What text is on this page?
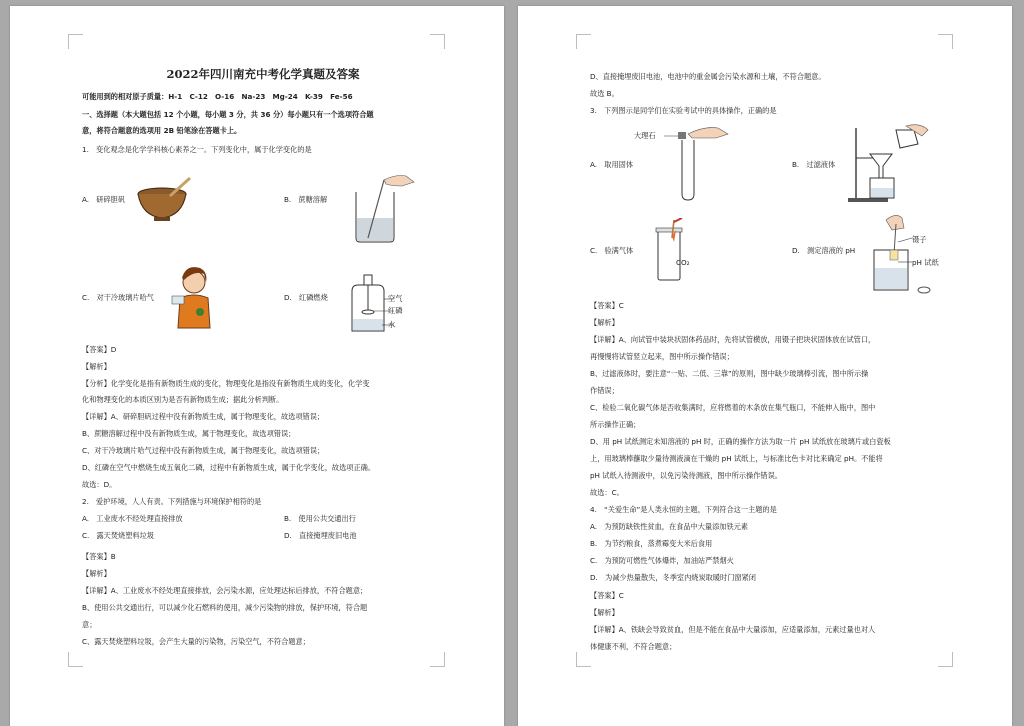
2022年四川南充中考化学真题及答案
可能用到的相对原子质量：H-1　C-12　O-16　Na-23　Mg-24　K-39　Fe-56
一、选择题（本大题包括 12 个小题，每小题 3 分，共 36 分）每小题只有一个选项符合题
意，将符合题意的选项用 2B 铅笔涂在答题卡上。
1.　变化观念是化学学科核心素养之一。下列变化中，属于化学变化的是
A.　研碎胆矾	B.　蔗糖溶解
C.　对干冷玻璃片哈气	D.　红磷燃烧	空气
红磷
水
【答案】D
【解析】
【分析】化学变化是指有新物质生成的变化，物理变化是指没有新物质生成的变化，化学变
化和物理变化的本质区别为是否有新物质生成；据此分析判断。
【详解】A、研碎胆矾过程中没有新物质生成，属于物理变化，故选项错误；
B、蔗糖溶解过程中没有新物质生成，属于物理变化，故选项错误；
C、对干冷玻璃片哈气过程中没有新物质生成，属于物理变化，故选项错误；
D、红磷在空气中燃烧生成五氧化二磷，过程中有新物质生成，属于化学变化，故选项正确。
故选：D。
2.　爱护环境，人人有责。下列措施与环境保护相符的是
A.　工业废水不经处理直接排放	B.　使用公共交通出行
C.　露天焚烧塑料垃圾	D.　直接掩埋废旧电池
【答案】B
【解析】
【详解】A、工业废水不经处理直接排放，会污染水源，应处理达标后排放，不符合题意；
B、使用公共交通出行，可以减少化石燃料的使用，减少污染物的排放，保护环境，符合题
意；
C、露天焚烧塑料垃圾，会产生大量的污染物，污染空气，不符合题意；
D、直接掩埋废旧电池，电池中的重金属会污染水源和土壤，不符合题意。
故选 B。
3.　下列图示是同学们在实验考试中的具体操作，正确的是
A.　取用固体
大理石
B.　过滤液体
C.　验满气体
CO₂
D.　测定溶液的 pH
镊子
pH 试纸
【答案】C
【解析】
【详解】A、向试管中装块状固体药品时，先将试管横放，用镊子把块状固体放在试管口，
再慢慢将试管竖立起来，图中所示操作错误；
B、过滤液体时，要注意“一贴、二低、三靠”的原则，图中缺少玻璃棒引流，图中所示操
作错误；
C、检验二氧化碳气体是否收集满时，应将燃着的木条放在集气瓶口，不能伸入瓶中，图中
所示操作正确；
D、用 pH 试纸测定未知溶液的 pH 时，正确的操作方法为取一片 pH 试纸放在玻璃片或白瓷板
上，用玻璃棒蘸取少量待测液滴在干燥的 pH 试纸上，与标准比色卡对比来确定 pH。不能将
pH 试纸入待测液中，以免污染待测液，图中所示操作错误。
故选：C。
4.　“关爱生命”是人类永恒的主题，下列符合这一主题的是
A.　为预防缺铁性贫血，在食品中大量添加铁元素
B.　为节约粮食，蒸煮霉变大米后食用
C.　为预防可燃性气体爆炸，加油站严禁烟火
D.　为减少热量散失，冬季室内烧炭取暖时门窗紧闭
【答案】C
【解析】
【详解】A、铁缺会导致贫血，但是不能在食品中大量添加，应适量添加，元素过量也对人
体健康不利，不符合题意；
